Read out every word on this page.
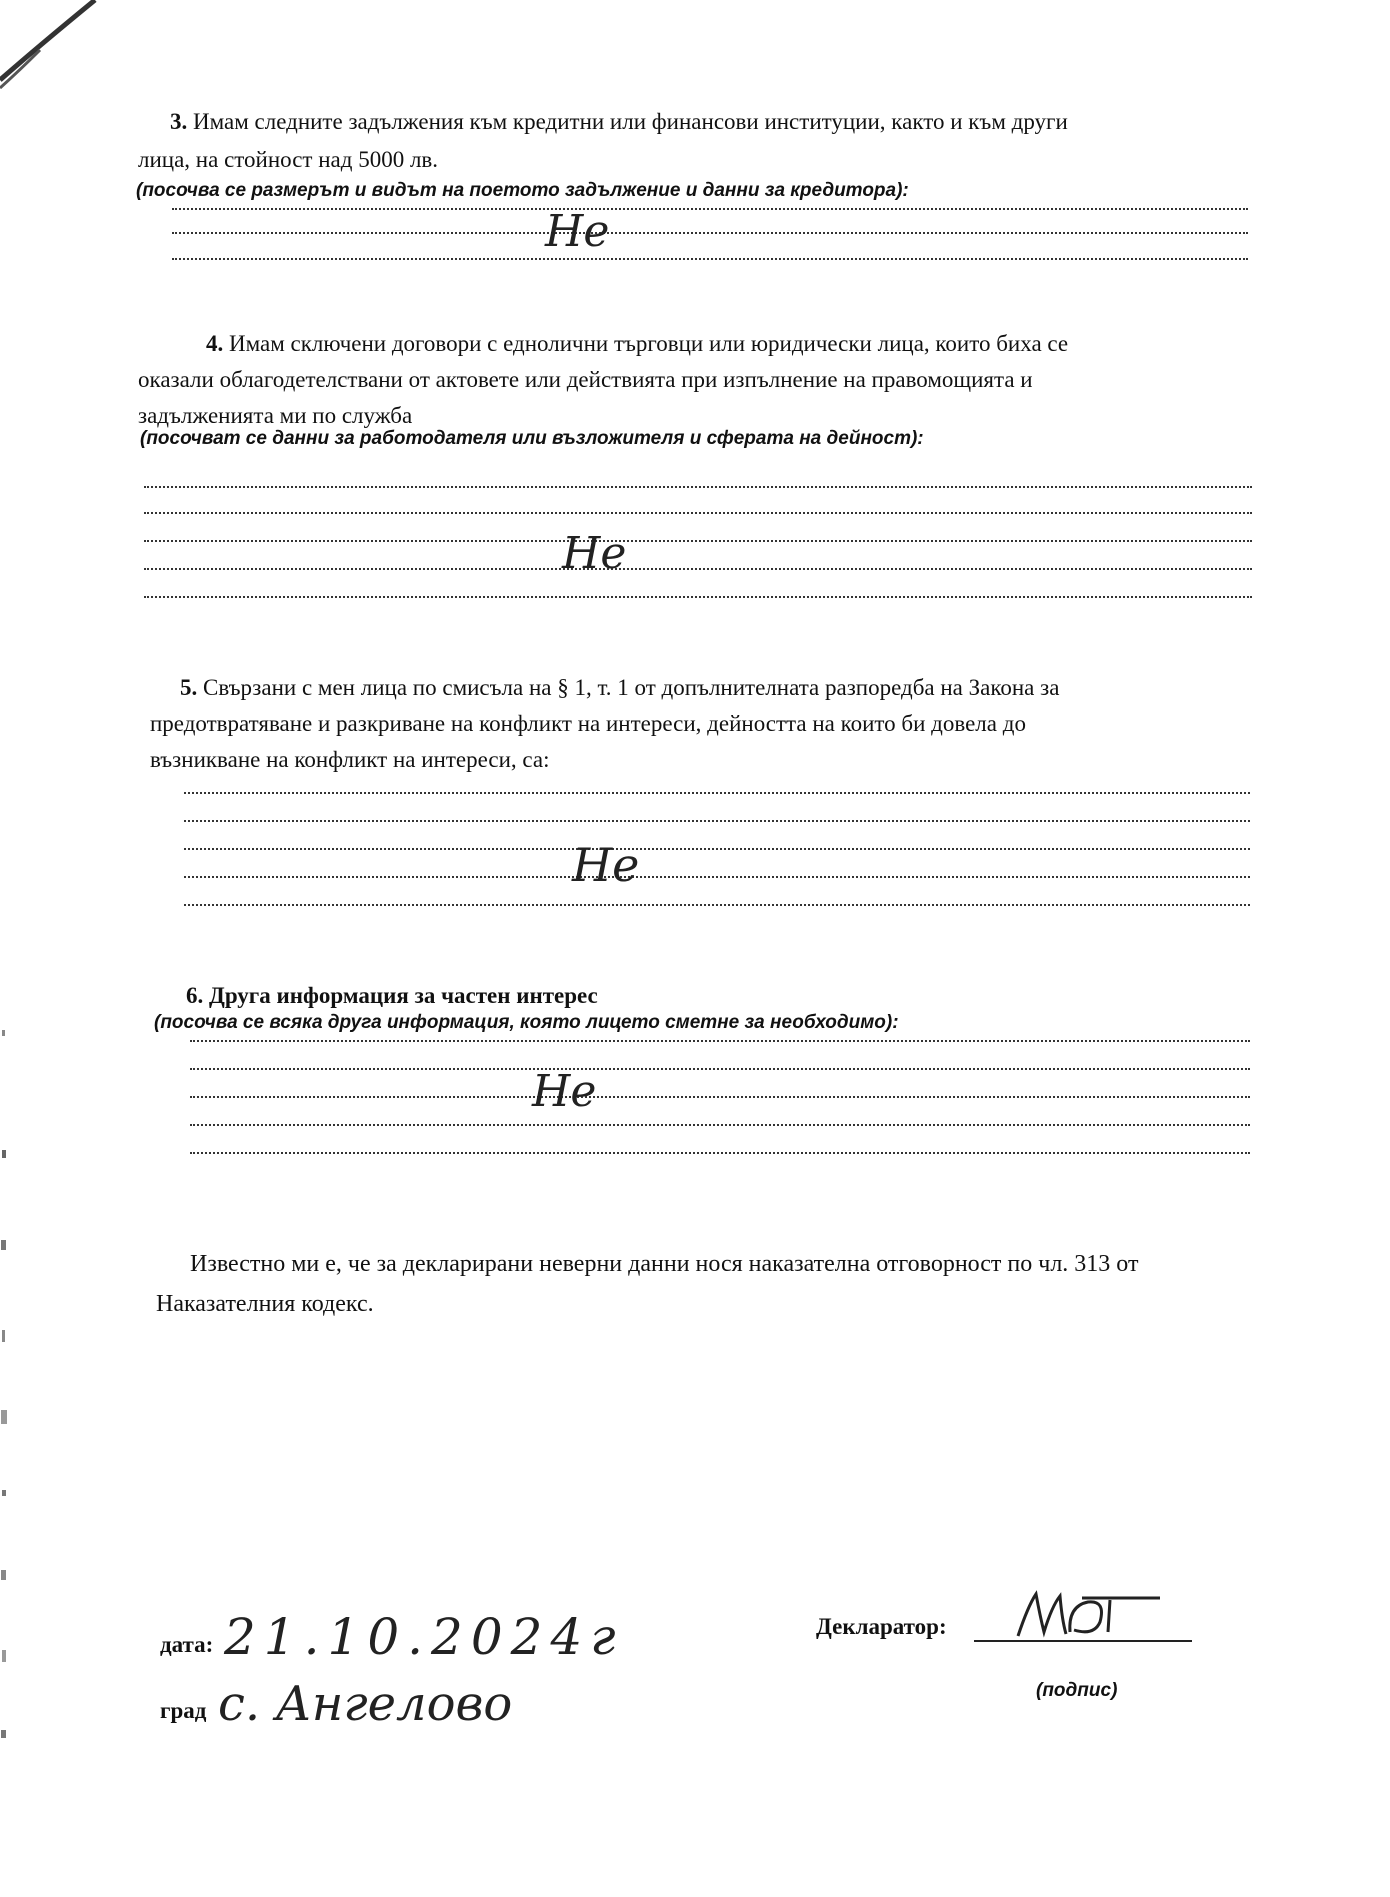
3. Имам следните задължения към кредитни или финансови институции, както и към други
лица, на стойност над 5000 лв.
(посочва се размерът и видът на поетото задължение и данни за кредитора):
Не
4. Имам сключени договори с еднолични търговци или юридически лица, които биха се
оказали облагодетелствани от актовете или действията при изпълнение на правомощията и
задълженията ми по служба
(посочват се данни за работодателя или възложителя и сферата на дейност):
Не
5. Свързани с мен лица по смисъла на § 1, т. 1 от допълнителната разпоредба на Закона за
предотвратяване и разкриване на конфликт на интереси, дейността на които би довела до
възникване на конфликт на интереси, са:
Не
6. Друга информация за частен интерес
(посочва се всяка друга информация, която лицето сметне за необходимо):
Не
Известно ми е, че за декларирани неверни данни нося наказателна отговорност по чл. 313 от
Наказателния кодекс.
дата: 21.10.2024г
град с. Ангелово
Декларатор:
(подпис)
